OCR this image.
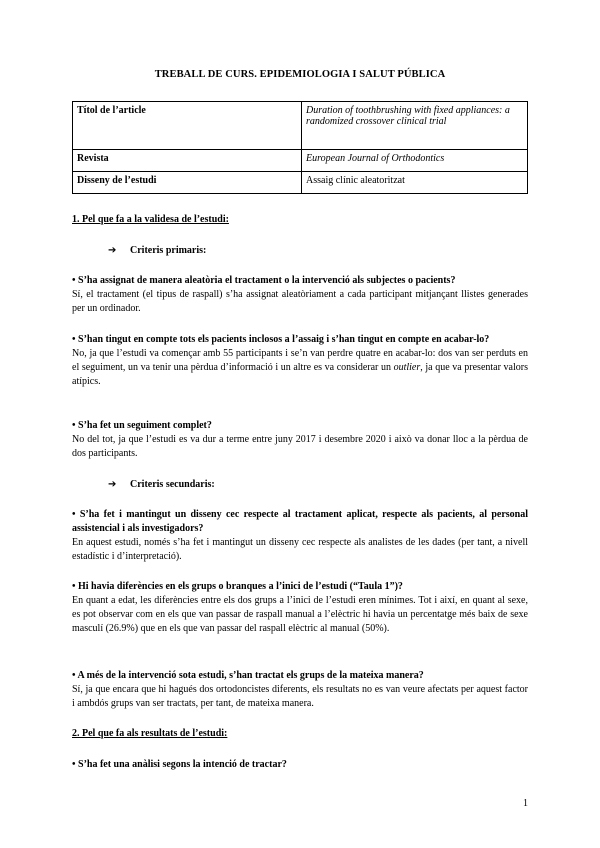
TREBALL DE CURS. EPIDEMIOLOGIA I SALUT PÚBLICA
Títol de l’article	Duration of toothbrushing with fixed appliances: a randomized crossover clinical trial
Revista	European Journal of Orthodontics
Disseny de l’estudi	Assaig clínic aleatoritzat
1. Pel que fa a la validesa de l’estudi:
➔ Criteris primaris:
• S’ha assignat de manera aleatòria el tractament o la intervenció als subjectes o pacients?
Sí, el tractament (el tipus de raspall) s’ha assignat aleatòriament a cada participant mitjançant llistes generades per un ordinador.
• S’han tingut en compte tots els pacients inclosos a l’assaig i s’han tingut en compte en acabar-lo?
No, ja que l’estudi va començar amb 55 participants i se’n van perdre quatre en acabar-lo: dos van ser perduts en el seguiment, un va tenir una pèrdua d’informació i un altre es va considerar un outlier, ja que va presentar valors atípics.
• S’ha fet un seguiment complet?
No del tot, ja que l’estudi es va dur a terme entre juny 2017 i desembre 2020 i això va donar lloc a la pèrdua de dos participants.
➔ Criteris secundaris:
• S’ha fet i mantingut un disseny cec respecte al tractament aplicat, respecte als pacients, al personal assistencial i als investigadors?
En aquest estudi, només s’ha fet i mantingut un disseny cec respecte als analistes de les dades (per tant, a nivell estadístic i d’interpretació).
• Hi havia diferències en els grups o branques a l’inici de l’estudi (“Taula 1”)?
En quant a edat, les diferències entre els dos grups a l’inici de l’estudi eren mínimes. Tot i així, en quant al sexe, es pot observar com en els que van passar de raspall manual a l’elèctric hi havia un percentatge més baix de sexe masculí (26.9%) que en els que van passar del raspall elèctric al manual (50%).
• A més de la intervenció sota estudi, s’han tractat els grups de la mateixa manera?
Sí, ja que encara que hi hagués dos ortodoncistes diferents, els resultats no es van veure afectats per aquest factor i ambdós grups van ser tractats, per tant, de mateixa manera.
2. Pel que fa als resultats de l’estudi:
• S’ha fet una anàlisi segons la intenció de tractar?
1
